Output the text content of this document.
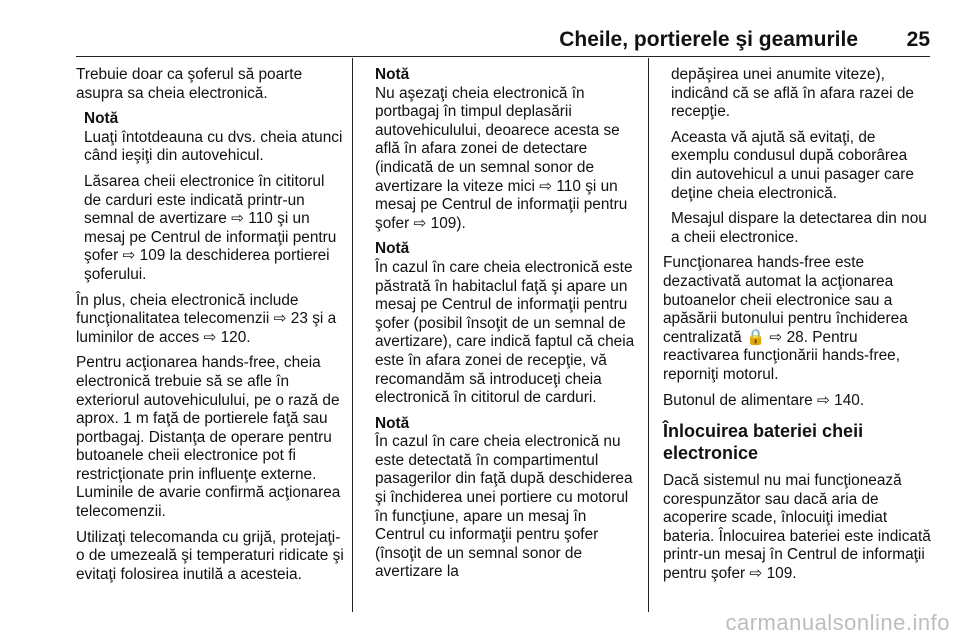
Cheile, portierele şi geamurile 25

Trebuie doar ca şoferul să poarte asupra sa cheia electronică.

Notă

Luaţi întotdeauna cu dvs. cheia atunci când ieşiţi din autovehicul.

Lăsarea cheii electronice în cititorul de carduri este indicată printr-un semnal de avertizare ⇨ 110 şi un mesaj pe Centrul de informaţii pentru şofer ⇨ 109 la deschiderea portierei şoferului.

În plus, cheia electronică include funcţionalitatea telecomenzii ⇨ 23 şi a luminilor de acces ⇨ 120.

Pentru acţionarea hands-free, cheia electronică trebuie să se afle în exteriorul autovehiculului, pe o rază de aprox. 1 m faţă de portierele faţă sau portbagaj. Distanţa de operare pentru butoanele cheii electronice pot fi restricţionate prin influenţe externe. Luminile de avarie confirmă acţionarea telecomenzii.

Utilizaţi telecomanda cu grijă, protejaţi-o de umezeală şi temperaturi ridicate şi evitaţi folosirea inutilă a acesteia.

Notă

Nu aşezaţi cheia electronică în portbagaj în timpul deplasării autovehiculului, deoarece acesta se află în afara zonei de detectare (indicată de un semnal sonor de avertizare la viteze mici ⇨ 110 şi un mesaj pe Centrul de informaţii pentru şofer ⇨ 109).

Notă

În cazul în care cheia electronică este păstrată în habitaclul faţă şi apare un mesaj pe Centrul de informaţii pentru şofer (posibil însoţit de un semnal de avertizare), care indică faptul că cheia este în afara zonei de recepţie, vă recomandăm să introduceţi cheia electronică în cititorul de carduri.

Notă

În cazul în care cheia electronică nu este detectată în compartimentul pasagerilor din faţă după deschiderea şi închiderea unei portiere cu motorul în funcţiune, apare un mesaj în Centrul cu informaţii pentru şofer (însoţit de un semnal sonor de avertizare la

depăşirea unei anumite viteze), indicând că se află în afara razei de recepţie.

Aceasta vă ajută să evitaţi, de exemplu condusul după coborârea din autovehicul a unui pasager care deţine cheia electronică.

Mesajul dispare la detectarea din nou a cheii electronice.

Funcţionarea hands-free este dezactivată automat la acţionarea butoanelor cheii electronice sau a apăsării butonului pentru închiderea centralizată 🔒 ⇨ 28. Pentru reactivarea funcţionării hands-free, reporniţi motorul.

Butonul de alimentare ⇨ 140.

Înlocuirea bateriei cheii electronice

Dacă sistemul nu mai funcţionează corespunzător sau dacă aria de acoperire scade, înlocuiţi imediat bateria. Înlocuirea bateriei este indicată printr-un mesaj în Centrul de informaţii pentru şofer ⇨ 109.

carmanualsonline.info
